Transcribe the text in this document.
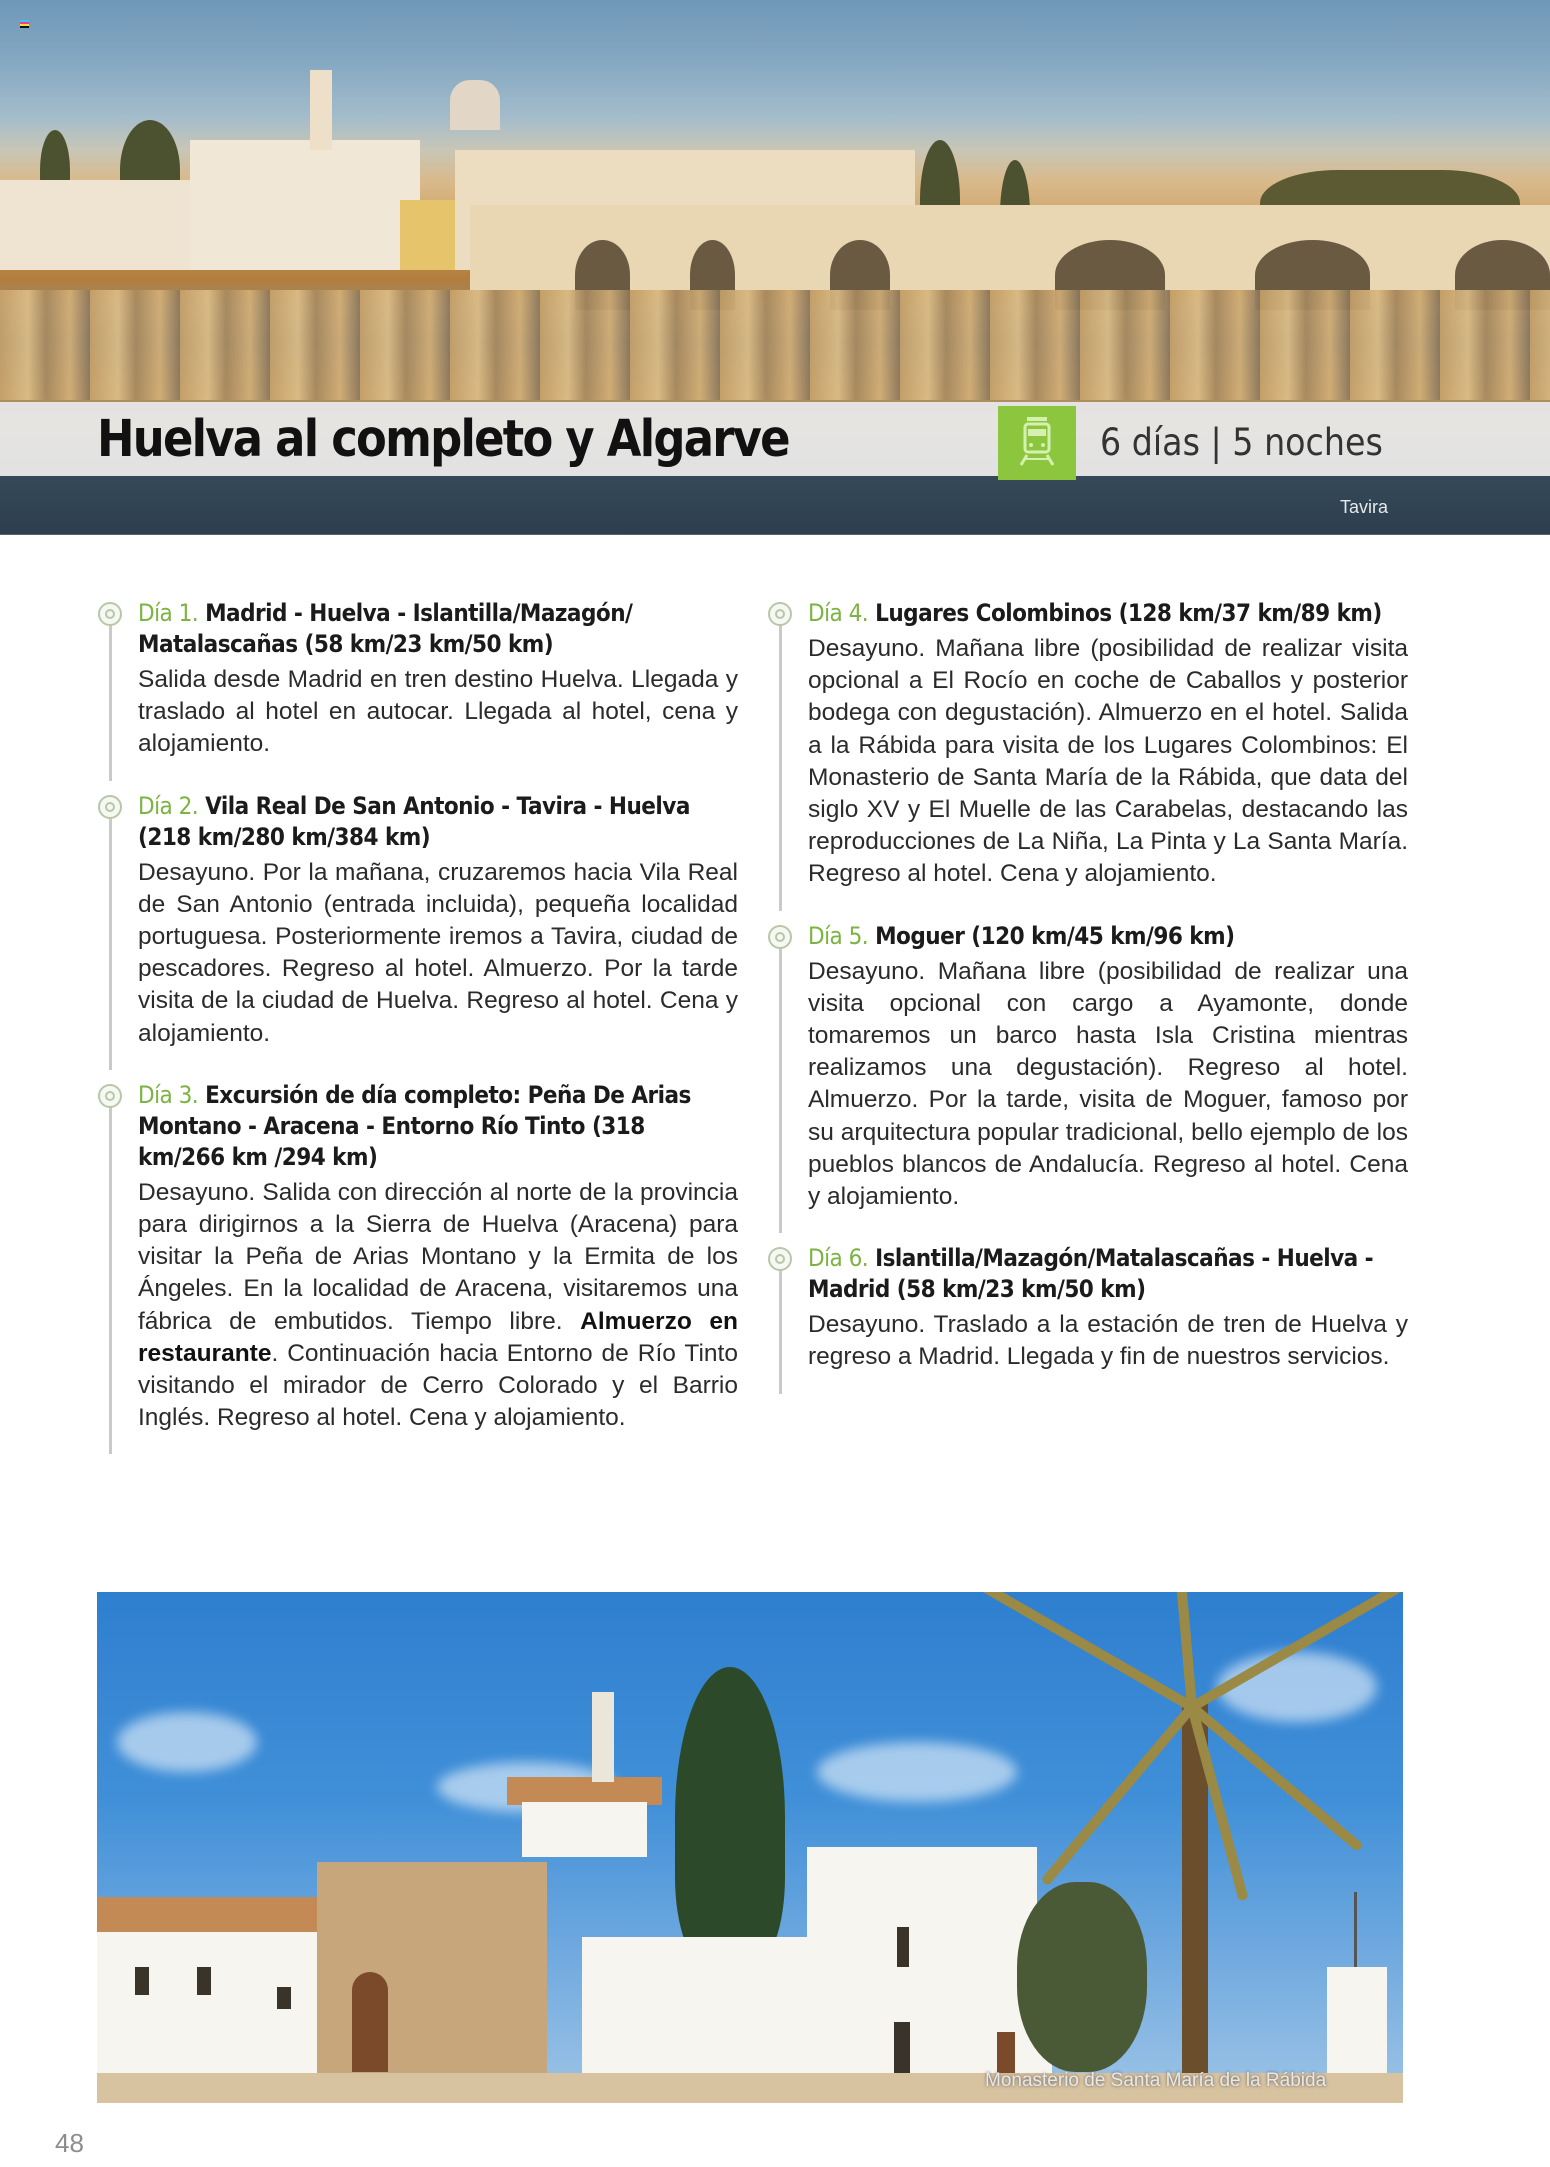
Huelva al completo y Algarve	6 días | 5 noches
Tavira
Día 1. Madrid - Huelva - Islantilla/Mazagón/ Matalascañas (58 km/23 km/50 km)

Salida desde Madrid en tren destino Huelva. Llegada y traslado al hotel en autocar. Llegada al hotel, cena y alojamiento.

Día 2. Vila Real De San Antonio - Tavira - Huelva (218 km/280 km/384 km)

Desayuno. Por la mañana, cruzaremos hacia Vila Real de San Antonio (entrada incluida), pequeña localidad portuguesa. Posteriormente iremos a Tavira, ciudad de pescadores. Regreso al hotel. Almuerzo. Por la tarde visita de la ciudad de Huelva. Regreso al hotel. Cena y alojamiento.

Día 3. Excursión de día completo: Peña De Arias Montano - Aracena - Entorno Río Tinto (318 km/266 km /294 km)

Desayuno. Salida con dirección al norte de la provincia para dirigirnos a la Sierra de Huelva (Aracena) para visitar la Peña de Arias Montano y la Ermita de los Ángeles. En la localidad de Aracena, visitaremos una fábrica de embutidos. Tiempo libre. Almuerzo en restaurante. Continuación hacia Entorno de Río Tinto visitando el mirador de Cerro Colorado y el Barrio Inglés. Regreso al hotel. Cena y alojamiento.

Día 4. Lugares Colombinos (128 km/37 km/89 km)

Desayuno. Mañana libre (posibilidad de realizar visita opcional a El Rocío en coche de Caballos y posterior bodega con degustación). Almuerzo en el hotel. Salida a la Rábida para visita de los Lugares Colombinos: El Monasterio de Santa María de la Rábida, que data del siglo XV y El Muelle de las Carabelas, destacando las reproducciones de La Niña, La Pinta y La Santa María. Regreso al hotel. Cena y alojamiento.

Día 5. Moguer (120 km/45 km/96 km)

Desayuno. Mañana libre (posibilidad de realizar una visita opcional con cargo a Ayamonte, donde tomaremos un barco hasta Isla Cristina mientras realizamos una degustación). Regreso al hotel. Almuerzo. Por la tarde, visita de Moguer, famoso por su arquitectura popular tradicional, bello ejemplo de los pueblos blancos de Andalucía. Regreso al hotel. Cena y alojamiento.

Día 6. Islantilla/Mazagón/Matalascañas - Huelva - Madrid (58 km/23 km/50 km)

Desayuno. Traslado a la estación de tren de Huelva y regreso a Madrid. Llegada y fin de nuestros servicios.

Monasterio de Santa María de la Rábida
48
